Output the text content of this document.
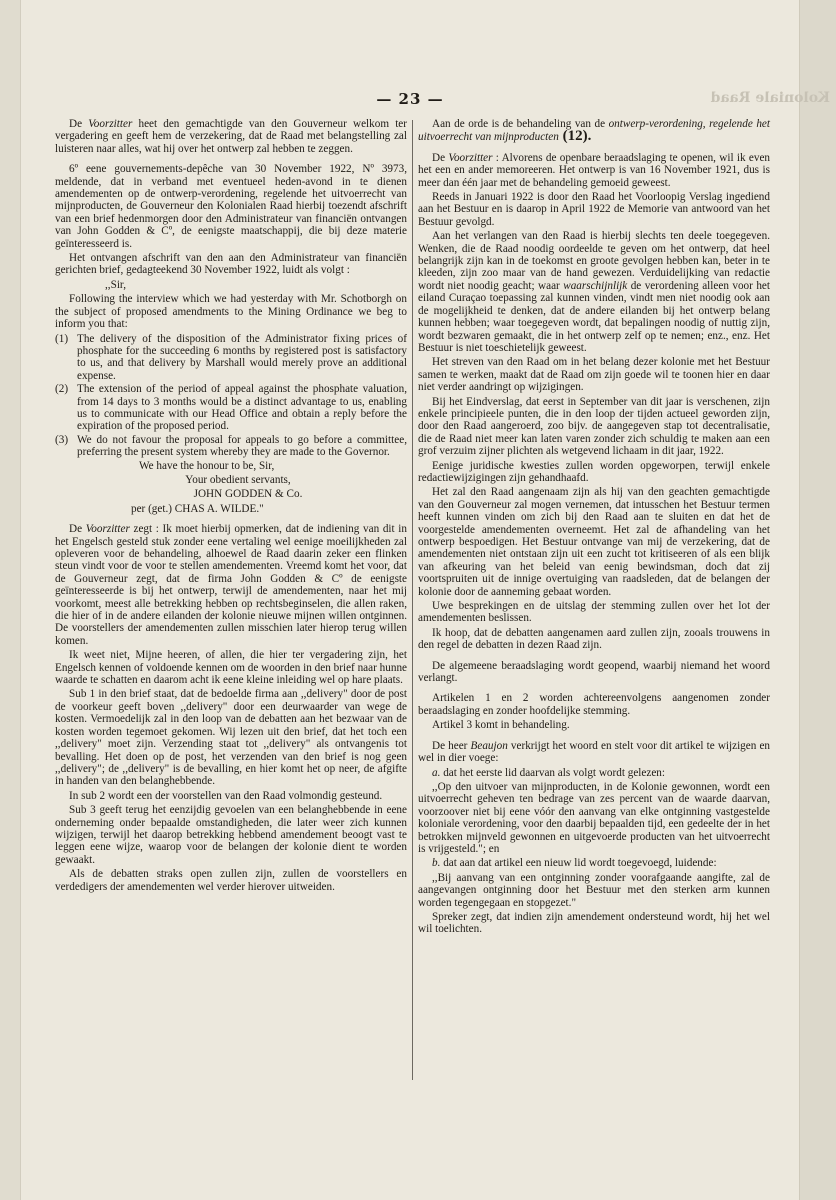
Koloniale Raad
— 23 —

De Voorzitter heet den gemachtigde van den Gouverneur welkom ter vergadering en geeft hem de verzekering, dat de Raad met belangstelling zal luisteren naar alles, wat hij over het ontwerp zal hebben te zeggen.

6º eene gouvernements-depêche van 30 November 1922, Nº 3973, meldende, dat in verband met eventueel heden-avond in te dienen amendementen op de ontwerp-verordening, regelende het uitvoerrecht van mijnproducten, de Gouverneur den Kolonialen Raad hierbij toezendt afschrift van een brief hedenmorgen door den Administrateur van financiën ontvangen van John Godden & Cº, de eenigste maatschappij, die bij deze materie geïnteresseerd is.

Het ontvangen afschrift van den aan den Administrateur van financiën gerichten brief, gedagteekend 30 November 1922, luidt als volgt :

,,Sir,

Following the interview which we had yesterday with Mr. Schotborgh on the subject of proposed amendments to the Mining Ordinance we beg to inform you that:

(1) The delivery of the disposition of the Administrator fixing prices of phosphate for the succeeding 6 months by registered post is satisfactory to us, and that delivery by Marshall would merely prove an additional expense.
(2) The extension of the period of appeal against the phosphate valuation, from 14 days to 3 months would be a distinct advantage to us, enabling us to communicate with our Head Office and obtain a reply before the expiration of the proposed period.
(3) We do not favour the proposal for appeals to go before a committee, preferring the present system whereby they are made to the Governor.

We have the honour to be, Sir,

Your obedient servants,

JOHN GODDEN & Co.

per (get.) CHAS A. WILDE."

De Voorzitter zegt : Ik moet hierbij opmerken, dat de indiening van dit in het Engelsch gesteld stuk zonder eene vertaling wel eenige moeilijkheden zal opleveren voor de behandeling, alhoewel de Raad daarin zeker een flinken steun vindt voor de voor te stellen amendementen. Vreemd komt het voor, dat de Gouverneur zegt, dat de firma John Godden & Cº de eenigste geïnteresseerde is bij het ontwerp, terwijl de amendementen, naar het mij voorkomt, meest alle betrekking hebben op rechtsbeginselen, die allen raken, die hier of in de andere eilanden der kolonie nieuwe mijnen willen ontginnen. De voorstellers der amendementen zullen misschien later hierop terug willen komen.

Ik weet niet, Mijne heeren, of allen, die hier ter vergadering zijn, het Engelsch kennen of voldoende kennen om de woorden in den brief naar hunne waarde te schatten en daarom acht ik eene kleine inleiding wel op hare plaats.

Sub 1 in den brief staat, dat de bedoelde firma aan ,,delivery" door de post de voorkeur geeft boven ,,delivery" door een deurwaarder van wege de kosten. Vermoedelijk zal in den loop van de debatten aan het bezwaar van de kosten worden tegemoet gekomen. Wij lezen uit den brief, dat het toch een ,,delivery" moet zijn. Verzending staat tot ,,delivery" als ontvangenis tot bevalling. Het doen op de post, het verzenden van den brief is nog geen ,,delivery"; de ,,delivery" is de bevalling, en hier komt het op neer, de afgifte in handen van den belanghebbende.

In sub 2 wordt een der voorstellen van den Raad volmondig gesteund.

Sub 3 geeft terug het eenzijdig gevoelen van een belanghebbende in eene onderneming onder bepaalde omstandigheden, die later weer zich kunnen wijzigen, terwijl het daarop betrekking hebbend amendement beoogt vast te leggen eene wijze, waarop voor de belangen der kolonie dient te worden gewaakt.

Als de debatten straks open zullen zijn, zullen de voorstellers en verdedigers der amendementen wel verder hierover uitweiden.

Aan de orde is de behandeling van de ontwerp-verordening, regelende het uitvoerrecht van mijnproducten (12).

De Voorzitter : Alvorens de openbare beraadslaging te openen, wil ik even het een en ander memoreeren. Het ontwerp is van 16 November 1921, dus is meer dan één jaar met de behandeling gemoeid geweest.

Reeds in Januari 1922 is door den Raad het Voorloopig Verslag ingediend aan het Bestuur en is daarop in April 1922 de Memorie van antwoord van het Bestuur gevolgd.

Aan het verlangen van den Raad is hierbij slechts ten deele toegegeven. Wenken, die de Raad noodig oordeelde te geven om het ontwerp, dat heel belangrijk zijn kan in de toekomst en groote gevolgen hebben kan, beter in te kleeden, zijn zoo maar van de hand gewezen. Verduidelijking van redactie wordt niet noodig geacht; waar waarschijnlijk de verordening alleen voor het eiland Curaçao toepassing zal kunnen vinden, vindt men niet noodig ook aan de mogelijkheid te denken, dat de andere eilanden bij het ontwerp belang kunnen hebben; waar toegegeven wordt, dat bepalingen noodig of nuttig zijn, wordt bezwaren gemaakt, die in het ontwerp zelf op te nemen; enz., enz. Het Bestuur is niet toeschietelijk geweest.

Het streven van den Raad om in het belang dezer kolonie met het Bestuur samen te werken, maakt dat de Raad om zijn goede wil te toonen hier en daar niet verder aandringt op wijzigingen.

Bij het Eindverslag, dat eerst in September van dit jaar is verschenen, zijn enkele principieele punten, die in den loop der tijden actueel geworden zijn, door den Raad aangeroerd, zoo bijv. de aangegeven stap tot decentralisatie, die de Raad niet meer kan laten varen zonder zich schuldig te maken aan een grof verzuim zijner plichten als wetgevend lichaam in dit jaar, 1922.

Eenige juridische kwesties zullen worden opgeworpen, terwijl enkele redactiewijzigingen zijn gehandhaafd.

Het zal den Raad aangenaam zijn als hij van den geachten gemachtigde van den Gouverneur zal mogen vernemen, dat intusschen het Bestuur termen heeft kunnen vinden om zich bij den Raad aan te sluiten en dat het de voorgestelde amendementen overneemt. Het zal de afhandeling van het ontwerp bespoedigen. Het Bestuur ontvange van mij de verzekering, dat de amendementen niet ontstaan zijn uit een zucht tot kritiseeren of als een blijk van afkeuring van het beleid van eenig bewindsman, doch dat zij voortspruiten uit de innige overtuiging van raadsleden, dat de belangen der kolonie door de aanneming gebaat worden.

Uwe besprekingen en de uitslag der stemming zullen over het lot der amendementen beslissen.

Ik hoop, dat de debatten aangenamen aard zullen zijn, zooals trouwens in den regel de debatten in dezen Raad zijn.

De algemeene beraadslaging wordt geopend, waarbij niemand het woord verlangt.

Artikelen 1 en 2 worden achtereenvolgens aangenomen zonder beraadslaging en zonder hoofdelijke stemming.

Artikel 3 komt in behandeling.

De heer Beaujon verkrijgt het woord en stelt voor dit artikel te wijzigen en wel in dier voege:

a. dat het eerste lid daarvan als volgt wordt gelezen:

,,Op den uitvoer van mijnproducten, in de Kolonie gewonnen, wordt een uitvoerrecht geheven ten bedrage van zes percent van de waarde daarvan, voorzoover niet bij eene vóór den aanvang van elke ontginning vastgestelde koloniale verordening, voor den daarbij bepaalden tijd, een gedeelte der in het betrokken mijnveld gewonnen en uitgevoerde producten van het uitvoerrecht is vrijgesteld."; en

b. dat aan dat artikel een nieuw lid wordt toegevoegd, luidende:

,,Bij aanvang van een ontginning zonder voorafgaande aangifte, zal de aangevangen ontginning door het Bestuur met den sterken arm kunnen worden tegengegaan en stopgezet."

Spreker zegt, dat indien zijn amendement ondersteund wordt, hij het wel wil toelichten.
